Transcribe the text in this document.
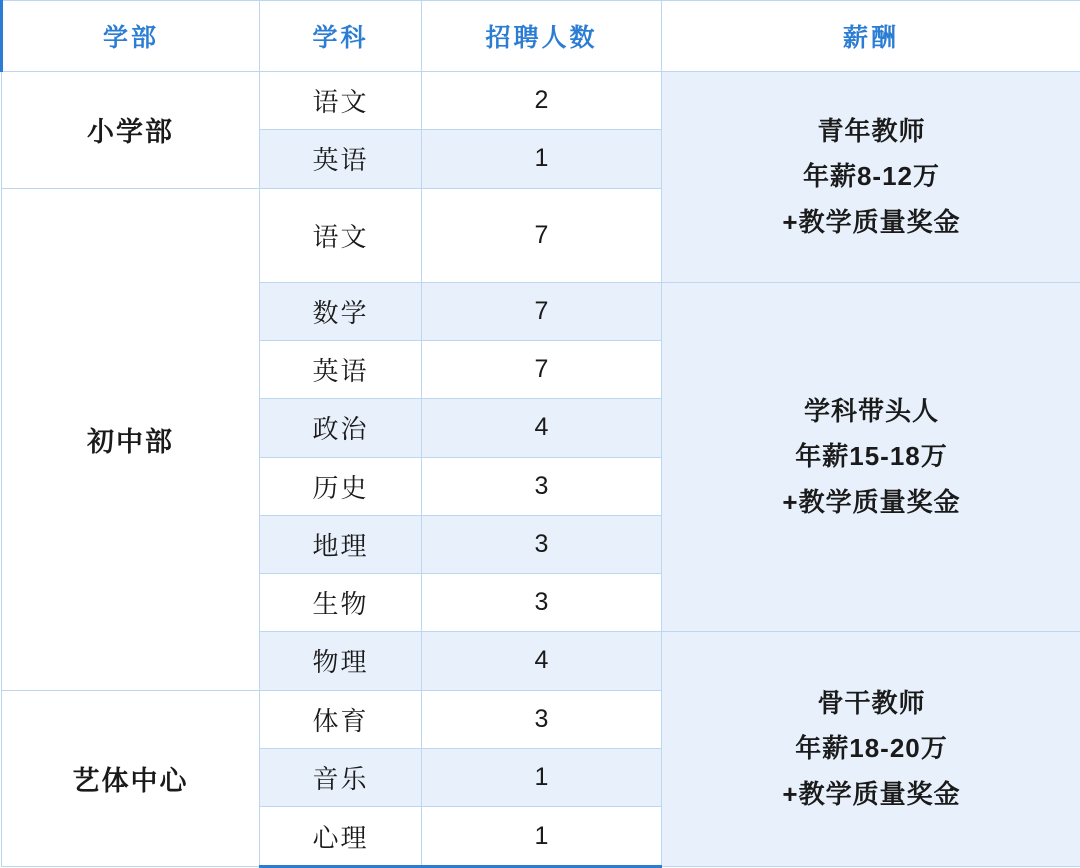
学部	学科	招聘人数	薪酬
小学部	语文	2	青年教师
年薪8-12万
+教学质量奖金

	英语	1	
初中部	语文	7	
	数学	7	学科带头人
年薪15-18万
+教学质量奖金

	英语	7	
	政治	4	
	历史	3	
	地理	3	
	生物	3	
	物理	4	骨干教师
年薪18-20万
+教学质量奖金

艺体中心	体育	3	
	音乐	1	
	心理	1	
